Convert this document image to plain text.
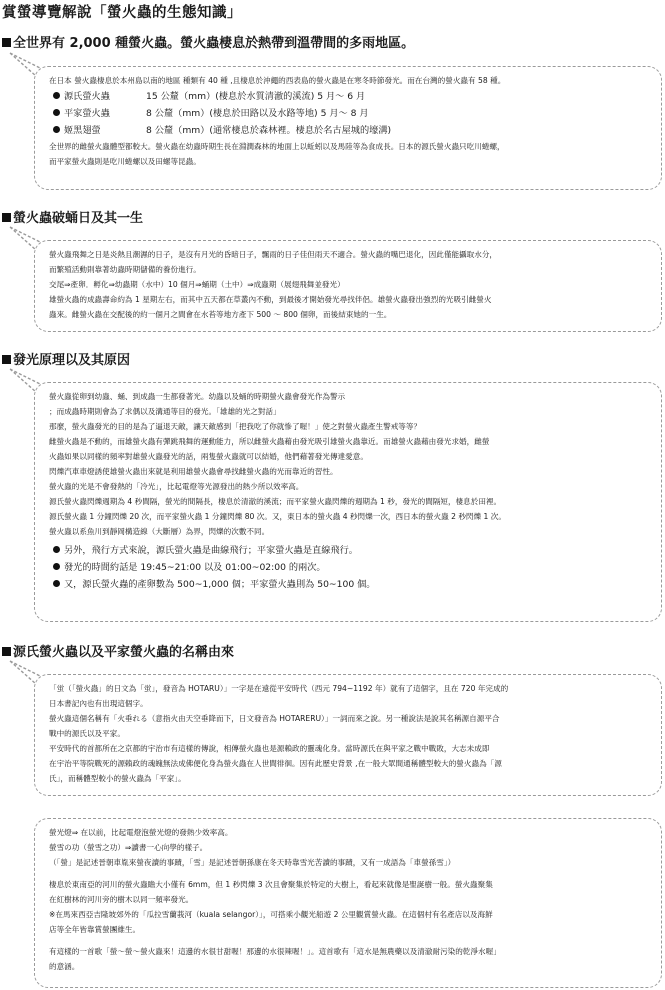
賞螢導覽解說「螢火蟲的生態知識」
全世界有 2,000 種螢火蟲。螢火蟲棲息於熱帶到溫帶間的多雨地區。
在日本 螢火蟲棲息於本州島以南的地區 種類有 40 種 ,且棲息於沖繩的西表島的螢火蟲是在寒冬時節發光。而在台灣的螢火蟲有 58 種。
源氏螢火蟲	15 公釐（mm）(棲息於水質清澈的溪流) 5 月～ 6 月
平家螢火蟲	8 公釐（mm）(棲息於田路以及水路等地) 5 月～ 8 月
姬黑翅螢	8 公釐（mm）(通常棲息於森林裡。棲息於名古屋城的壕溝)
全世界的雌螢火蟲體型都較大。螢火蟲在幼蟲時期生長在淵潤森林的地面上以蚯蚓以及馬陸等為食成長。日本的源氏螢火蟲只吃川蜷螺，
而平家螢火蟲則是吃川蜷螺以及田螺等昆蟲。
螢火蟲破蛹日及其一生
螢火蟲飛舞之日是炎熱且潮濕的日子，是沒有月光的昏暗日子，飄雨的日子佳但雨天不適合。螢火蟲的嘴巴退化，因此僅能攝取水分，
而繁殖活動則靠著幼蟲時期儲備的養份進行。
交尾⇒產卵．孵化⇒幼蟲期（水中）10 個月⇒蛹期（土中）⇒成蟲期（展翅飛舞並發光）
雄螢火蟲的成蟲壽命約為 1 星期左右，而其中五天都在草叢內不動，到最後才開始發光尋找伴侶。雄螢火蟲發出強烈的光吸引雌螢火
蟲來。雌螢火蟲在交配後的約一個月之間會在水苔等地方產下 500 ～ 800 個卵，而後結束她的一生。
發光原理以及其原因
螢火蟲從卵到幼蟲、蛹、到成蟲一生都發著光。幼蟲以及蛹的時期螢火蟲會發光作為警示
；而成蟲時期則會為了求偶以及溝通等目的發光。「雄雄的光之對話」
那麼，螢火蟲發光的目的是為了逼退天敵，讓天敵感到「把我吃了你就慘了喔！」使之對螢火蟲產生警戒等等？
雌螢火蟲是不動的，而雄螢火蟲有彈跳飛舞的運動能力，所以雌螢火蟲藉由發光吸引雄螢火蟲靠近。而雄螢火蟲藉由發光求婚，雌螢
火蟲如果以同樣的頻率對雄螢火蟲發光的話，兩隻螢火蟲就可以結婚，他們藉著發光傳達愛意。
閃爍汽車車燈誘使雄螢火蟲出來就是利用雄螢火蟲會尋找雌螢火蟲的光而靠近的習性。
螢火蟲的光是不會發熱的「冷光」，比起電燈等光源發出的熱少所以效率高。
源氏螢火蟲閃爍週期為 4 秒間隔，螢光的間隔長，棲息於清澈的溪流；而平家螢火蟲閃爍的週期為 1 秒，發光的間隔短，棲息於田裡。
源氏螢火蟲 1 分鐘閃爍 20 次，而平家螢火蟲 1 分鐘閃爍 80 次。又，東日本的螢火蟲 4 秒閃爍一次，西日本的螢火蟲 2 秒閃爍 1 次。
螢火蟲以系魚川到靜岡構造線（大斷層）為界，閃爍的次數不同。
另外，飛行方式來說，源氏螢火蟲是曲線飛行；平家螢火蟲是直線飛行。
發光的時間約話是 19:45~21:00 以及 01:00~02:00 的兩次。
又，源氏螢火蟲的產卵數為 500~1,000 個；平家螢火蟲則為 50~100 個。
源氏螢火蟲以及平家螢火蟲的名稱由來
「蛍（「螢火蟲」的日文為「蛍」，發音為 HOTARU）」一字是在遠從平安時代（西元 794~1192 年）就有了這個字，且在 720 年完成的
日本書記內也有出現這個字。
螢火蟲這個名稱有「火垂れる（意指火由天空垂降而下，日文發音為 HOTARERU）」一詞而來之說。另一種說法是說其名稱源自源平合
戰中的源氏以及平家。
平安時代的首都所在之京都的宇治市有這樣的傳說，相傳螢火蟲也是源賴政的靈魂化身。當時源氏在與平家之戰中戰敗，大志未成即
在宇治平等院戰死的源賴政的魂魄無法成佛便化身為螢火蟲在人世間徘徊。因有此歷史背景 ,在一般大眾間通稱體型較大的螢火蟲為「源
氏」，而稱體型較小的螢火蟲為「平家」。
螢光燈⇒ 在以前，比起電燈泡螢光燈的發熱少效率高。
螢雪の功（螢雪之功）⇒讀書一心向學的樣子。
（「螢」是記述晉朝車胤來螢夜讀的事蹟，「雪」是記述晉朝孫康在冬天時靠雪光苦讀的事蹟，又有一成語為「車螢孫雪」）
棲息於東南亞的河川的螢火蟲瞻大小僅有 6mm，但 1 秒閃爍 3 次且會聚集於特定的大樹上，看起來就像是聖誕樹一般。螢火蟲聚集
在紅樹林的河川旁的樹木以同一頻率發光。
※在馬來西亞吉隆坡郊外的「瓜拉雪蘭莪河（kuala selangor）」，可搭乘小觀光船遊 2 公里觀賞螢火蟲。在這個村有名產店以及海鮮
店等全年皆靠賞螢團維生。
有這樣的一首歌「螢～螢～螢火蟲來！這邊的水很甘甜喔！那邊的水很辣喔！」。這首歌有「這水是無農藥以及清澈耐污染的乾淨水喔」
的意涵。
